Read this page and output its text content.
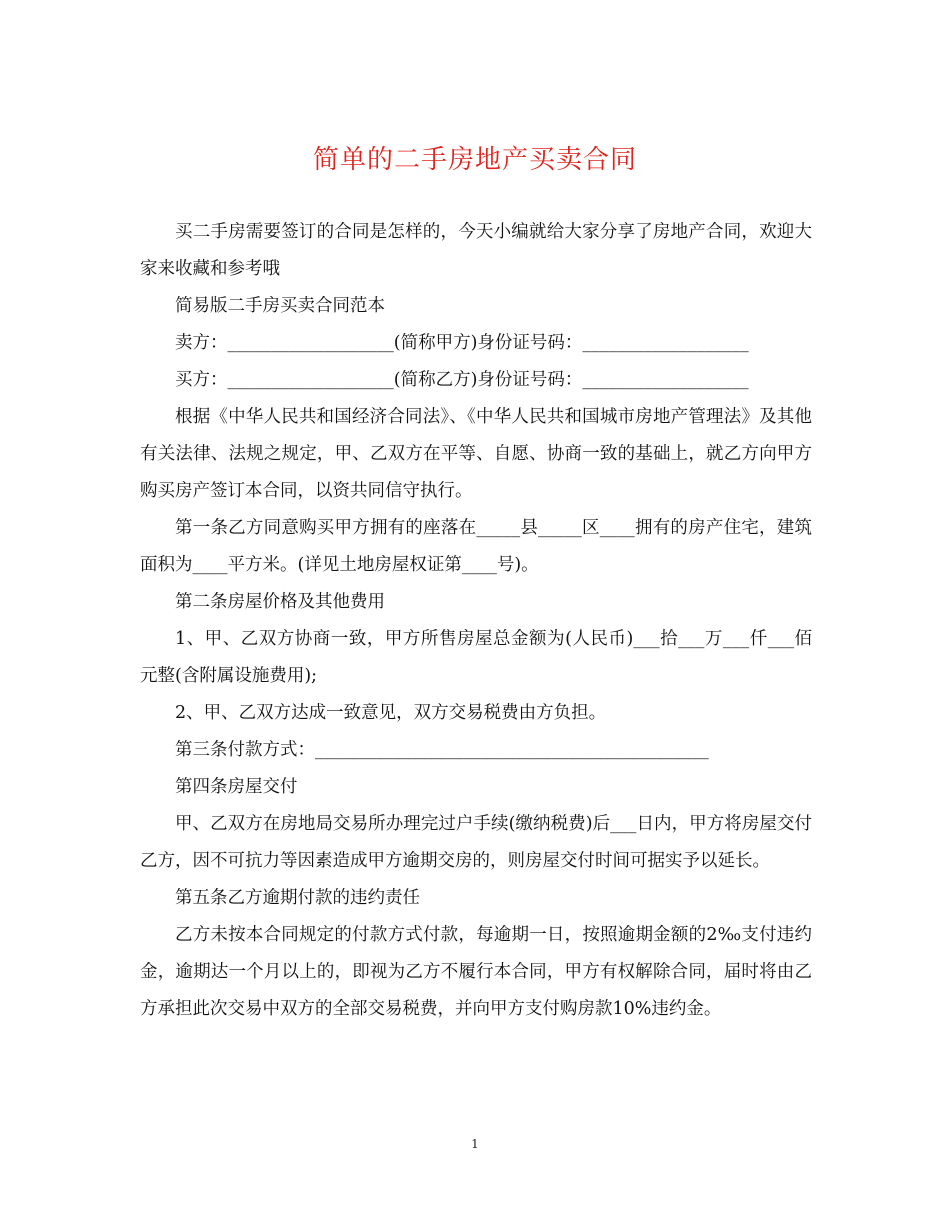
简单的二手房地产买卖合同

买二手房需要签订的合同是怎样的，今天小编就给大家分享了房地产合同，欢迎大家来收藏和参考哦

简易版二手房买卖合同范本

卖方：___________________(简称甲方)身份证号码：___________________

买方：___________________(简称乙方)身份证号码：___________________

根据《中华人民共和国经济合同法》、《中华人民共和国城市房地产管理法》及其他有关法律、法规之规定，甲、乙双方在平等、自愿、协商一致的基础上，就乙方向甲方购买房产签订本合同，以资共同信守执行。

第一条乙方同意购买甲方拥有的座落在_____县_____区____拥有的房产住宅，建筑面积为____平方米。(详见土地房屋权证第____号)。

第二条房屋价格及其他费用

1、甲、乙双方协商一致，甲方所售房屋总金额为(人民币)___拾___万___仟___佰元整(含附属设施费用);

2、甲、乙双方达成一致意见，双方交易税费由方负担。

第三条付款方式：_____________________________________________

第四条房屋交付

甲、乙双方在房地局交易所办理完过户手续(缴纳税费)后___日内，甲方将房屋交付乙方，因不可抗力等因素造成甲方逾期交房的，则房屋交付时间可据实予以延长。

第五条乙方逾期付款的违约责任

乙方未按本合同规定的付款方式付款，每逾期一日，按照逾期金额的2‰支付违约金，逾期达一个月以上的，即视为乙方不履行本合同，甲方有权解除合同，届时将由乙方承担此次交易中双方的全部交易税费，并向甲方支付购房款10%违约金。

1
